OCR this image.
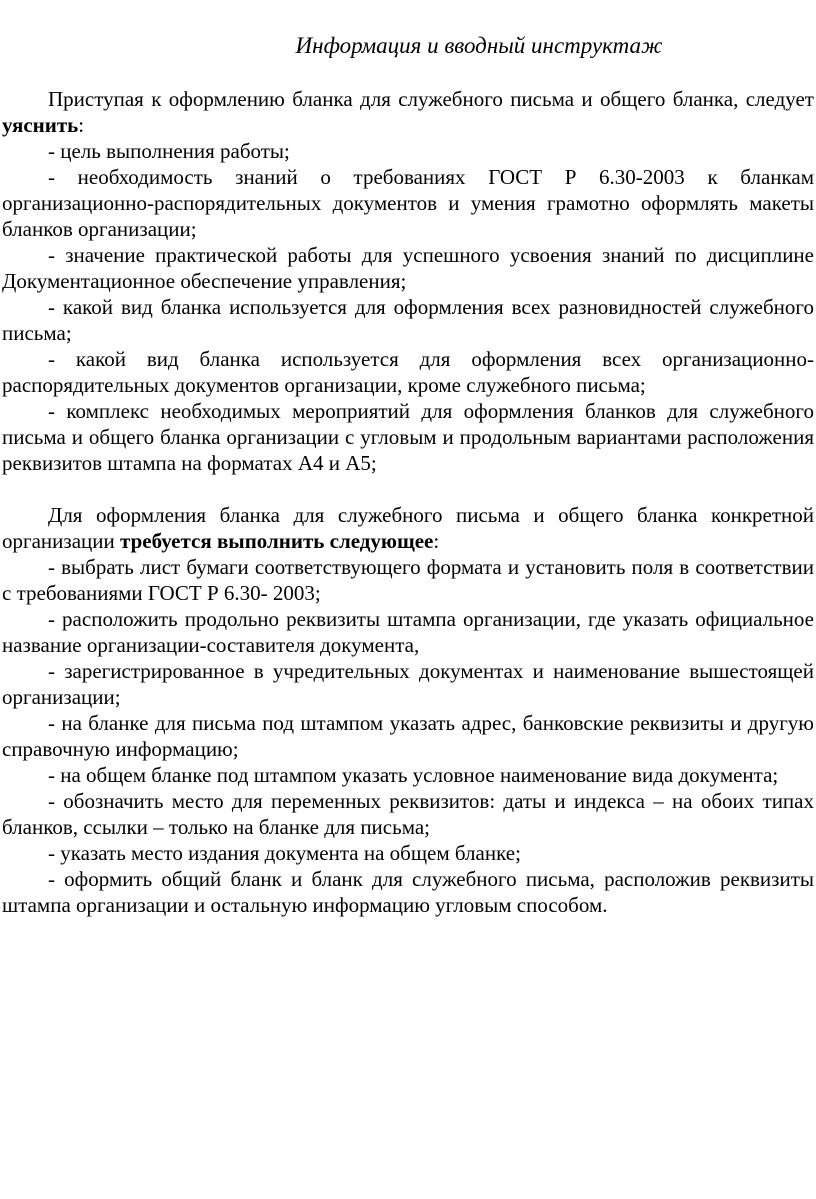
Информация и вводный инструктаж

Приступая к оформлению бланка для служебного письма и общего бланка, следует уяснить:

- цель выполнения работы;

- необходимость знаний о требованиях ГОСТ Р 6.30-2003 к бланкам организационно-распорядительных документов и умения грамотно оформлять макеты бланков организации;

- значение практической работы для успешного усвоения знаний по дисциплине Документационное обеспечение управления;

- какой вид бланка используется для оформления всех разновидностей служебного письма;

- какой вид бланка используется для оформления всех организационно-распорядительных документов организации, кроме служебного письма;

- комплекс необходимых мероприятий для оформления бланков для служебного письма и общего бланка организации с угловым и продольным вариантами расположения реквизитов штампа на форматах А4 и А5;

Для оформления бланка для служебного письма и общего бланка конкретной организации требуется выполнить следующее:

- выбрать лист бумаги соответствующего формата и установить поля в соответствии с требованиями ГОСТ Р 6.30- 2003;

- расположить продольно реквизиты штампа организации, где указать официальное название организации-составителя документа,

- зарегистрированное в учредительных документах и наименование вышестоящей организации;

- на бланке для письма под штампом указать адрес, банковские реквизиты и другую справочную информацию;

- на общем бланке под штампом указать условное наименование вида документа;

- обозначить место для переменных реквизитов: даты и индекса – на обоих типах бланков, ссылки – только на бланке для письма;

- указать место издания документа на общем бланке;

- оформить общий бланк и бланк для служебного письма, расположив реквизиты штампа организации и остальную информацию угловым способом.
